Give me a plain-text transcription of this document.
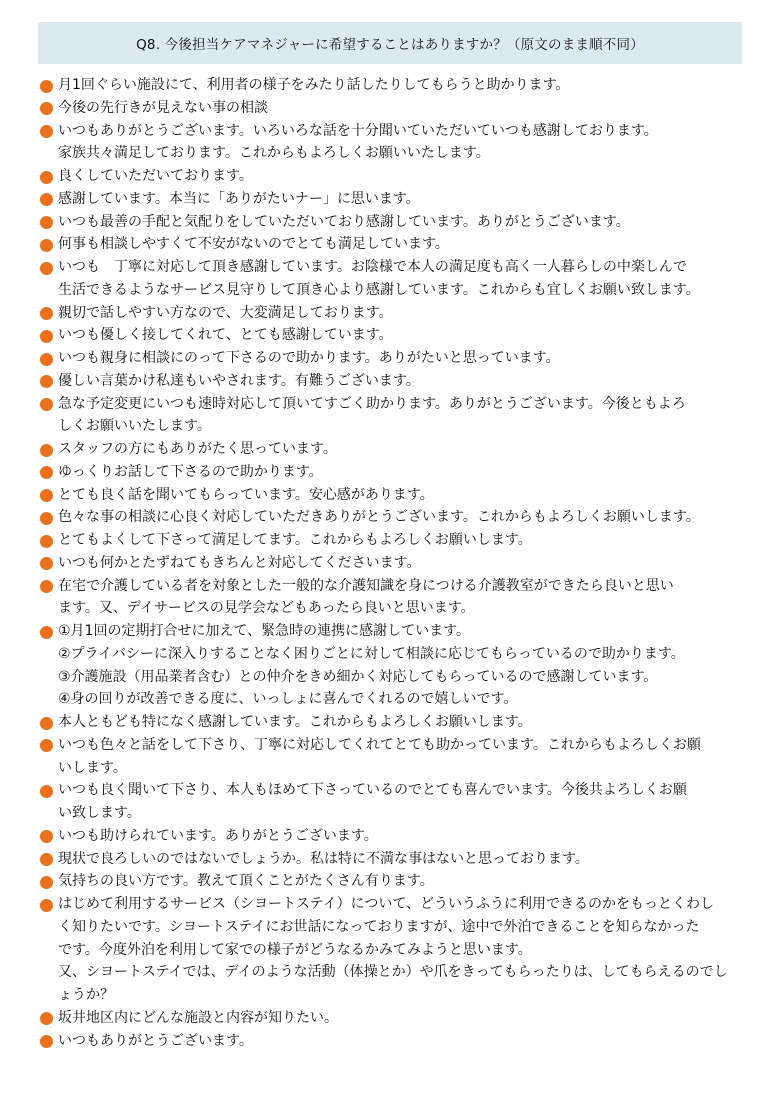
Q8. 今後担当ケアマネジャーに希望することはありますか？（原文のまま順不同）
月1回ぐらい施設にて、利用者の様子をみたり話したりしてもらうと助かります。
今後の先行きが見えない事の相談
いつもありがとうございます。いろいろな話を十分聞いていただいていつも感謝しております。
家族共々満足しております。これからもよろしくお願いいたします。
良くしていただいております。
感謝しています。本当に「ありがたいナー」に思います。
いつも最善の手配と気配りをしていただいており感謝しています。ありがとうございます。
何事も相談しやすくて不安がないのでとても満足しています。
いつも　丁寧に対応して頂き感謝しています。お陰様で本人の満足度も高く一人暮らしの中楽しんで
生活できるようなサービス見守りして頂き心より感謝しています。これからも宜しくお願い致します。
親切で話しやすい方なので、大変満足しております。
いつも優しく接してくれて、とても感謝しています。
いつも親身に相談にのって下さるので助かります。ありがたいと思っています。
優しい言葉かけ私達もいやされます。有難うございます。
急な予定変更にいつも速時対応して頂いてすごく助かります。ありがとうございます。今後ともよろ
しくお願いいたします。
スタッフの方にもありがたく思っています。
ゆっくりお話して下さるので助かります。
とても良く話を聞いてもらっています。安心感があります。
色々な事の相談に心良く対応していただきありがとうございます。これからもよろしくお願いします。
とてもよくして下さって満足してます。これからもよろしくお願いします。
いつも何かとたずねてもきちんと対応してくださいます。
在宅で介護している者を対象とした一般的な介護知識を身につける介護教室ができたら良いと思い
ます。又、デイサービスの見学会などもあったら良いと思います。
①月1回の定期打合せに加えて、緊急時の連携に感謝しています。
②プライバシーに深入りすることなく困りごとに対して相談に応じてもらっているので助かります。
③介護施設（用品業者含む）との仲介をきめ細かく対応してもらっているので感謝しています。
④身の回りが改善できる度に、いっしょに喜んでくれるので嬉しいです。
本人ともども特になく感謝しています。これからもよろしくお願いします。
いつも色々と話をして下さり、丁寧に対応してくれてとても助かっています。これからもよろしくお願
いします。
いつも良く聞いて下さり、本人もほめて下さっているのでとても喜んでいます。今後共よろしくお願
い致します。
いつも助けられています。ありがとうございます。
現状で良ろしいのではないでしょうか。私は特に不満な事はないと思っております。
気持ちの良い方です。教えて頂くことがたくさん有ります。
はじめて利用するサービス（シヨートステイ）について、どういうふうに利用できるのかをもっとくわし
く知りたいです。シヨートステイにお世話になっておりますが、途中で外泊できることを知らなかった
です。今度外泊を利用して家での様子がどうなるかみてみようと思います。
又、シヨートステイでは、デイのような活動（体操とか）や爪をきってもらったりは、してもらえるのでし
ょうか？
坂井地区内にどんな施設と内容が知りたい。
いつもありがとうございます。
